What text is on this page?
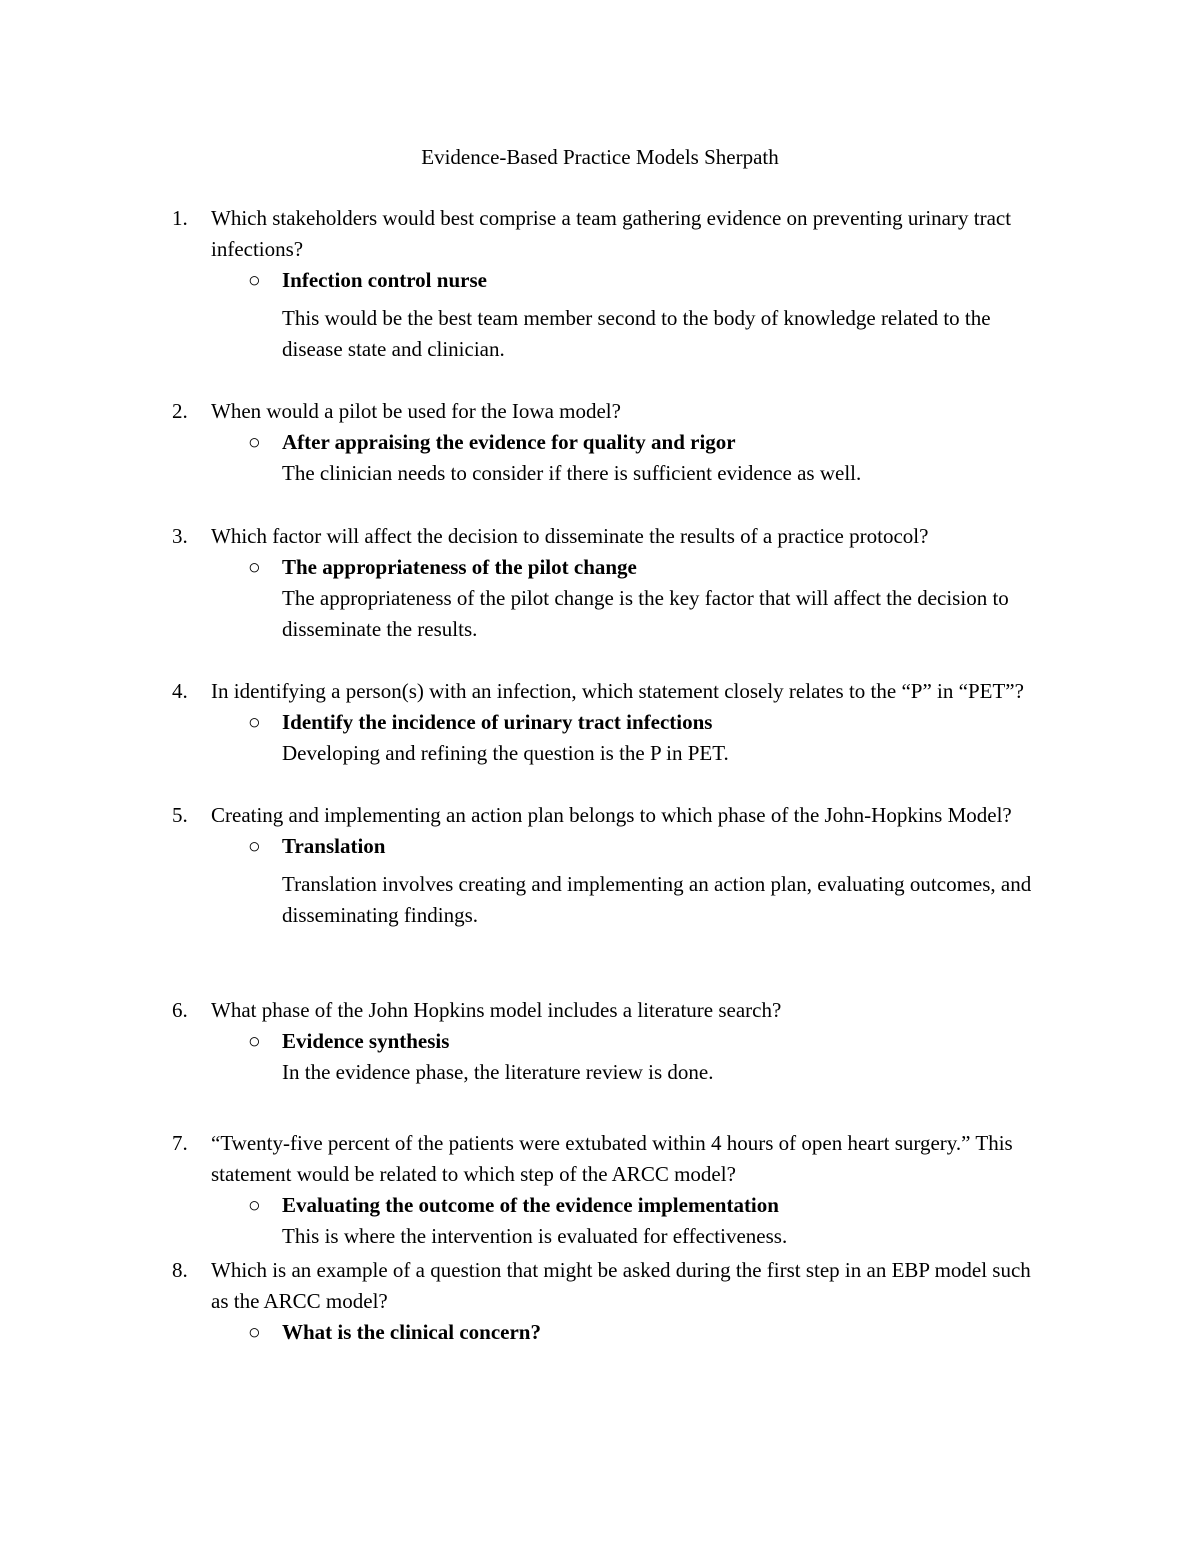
Evidence-Based Practice Models Sherpath
1.	Which stakeholders would best comprise a team gathering evidence on preventing urinary tract infections?
○	Infection control nurse
This would be the best team member second to the body of knowledge related to the disease state and clinician.
2.	When would a pilot be used for the Iowa model?
○	After appraising the evidence for quality and rigor
The clinician needs to consider if there is sufficient evidence as well.
3.	Which factor will affect the decision to disseminate the results of a practice protocol?
○	The appropriateness of the pilot change
The appropriateness of the pilot change is the key factor that will affect the decision to disseminate the results.
4.	In identifying a person(s) with an infection, which statement closely relates to the “P” in “PET”?
○	Identify the incidence of urinary tract infections
Developing and refining the question is the P in PET.
5.	Creating and implementing an action plan belongs to which phase of the John-Hopkins Model?
○	Translation
Translation involves creating and implementing an action plan, evaluating outcomes, and disseminating findings.
6.	What phase of the John Hopkins model includes a literature search?
○	Evidence synthesis
In the evidence phase, the literature review is done.
7.	“Twenty-five percent of the patients were extubated within 4 hours of open heart surgery.” This statement would be related to which step of the ARCC model?
○	Evaluating the outcome of the evidence implementation
This is where the intervention is evaluated for effectiveness.
8.	Which is an example of a question that might be asked during the first step in an EBP model such as the ARCC model?
○	What is the clinical concern?
